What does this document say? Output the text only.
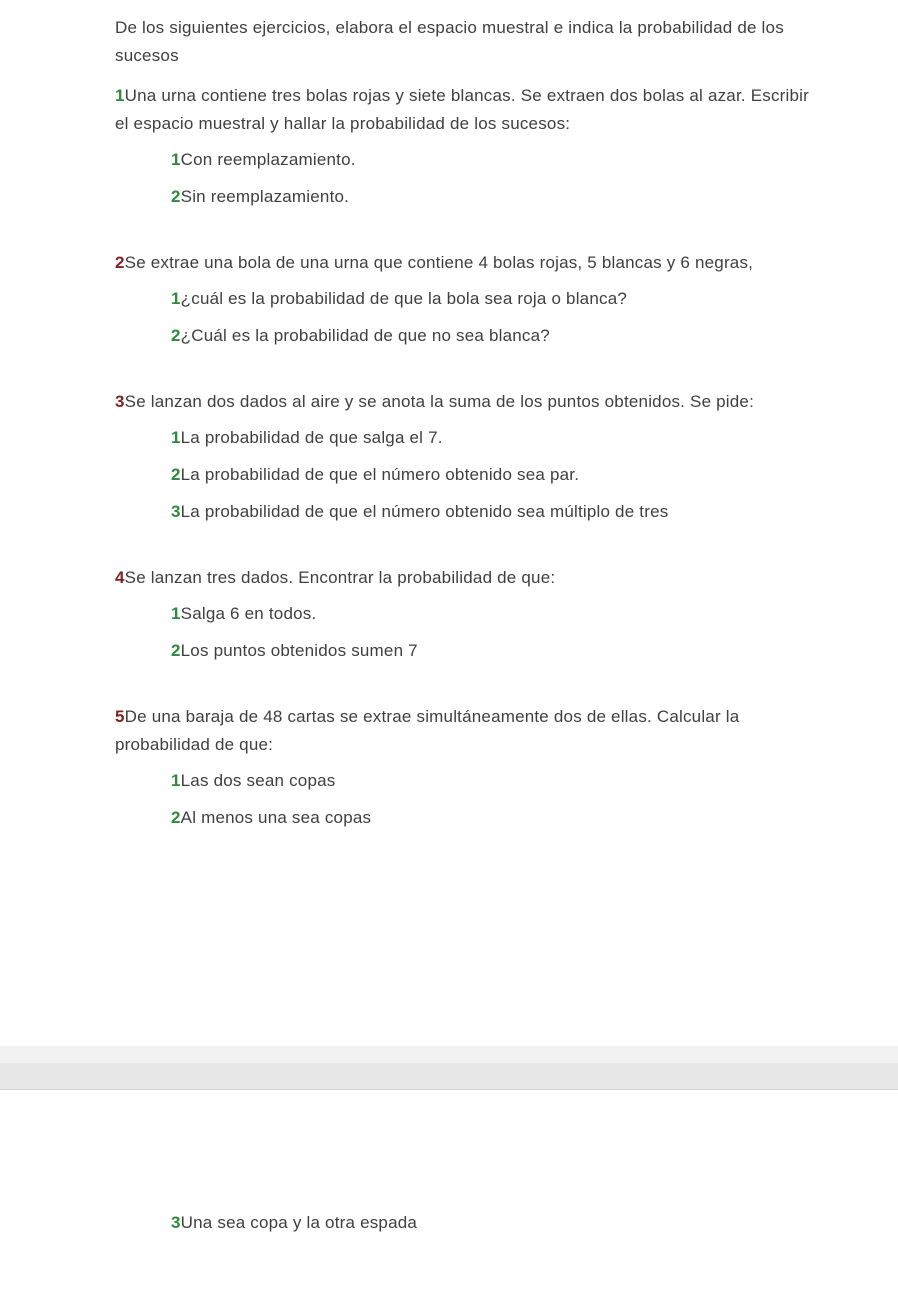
De los siguientes ejercicios, elabora el espacio muestral e indica la probabilidad de los sucesos

1Una urna contiene tres bolas rojas y siete blancas. Se extraen dos bolas al azar. Escribir el espacio muestral y hallar la probabilidad de los sucesos:

1Con reemplazamiento.

2Sin reemplazamiento.

2Se extrae una bola de una urna que contiene 4 bolas rojas, 5 blancas y 6 negras,

1¿cuál es la probabilidad de que la bola sea roja o blanca?

2¿Cuál es la probabilidad de que no sea blanca?

3Se lanzan dos dados al aire y se anota la suma de los puntos obtenidos. Se pide:

1La probabilidad de que salga el 7.

2La probabilidad de que el número obtenido sea par.

3La probabilidad de que el número obtenido sea múltiplo de tres

4Se lanzan tres dados. Encontrar la probabilidad de que:

1Salga 6 en todos.

2Los puntos obtenidos sumen 7

5De una baraja de 48 cartas se extrae simultáneamente dos de ellas. Calcular la probabilidad de que:

1Las dos sean copas

2Al menos una sea copas

3Una sea copa y la otra espada
